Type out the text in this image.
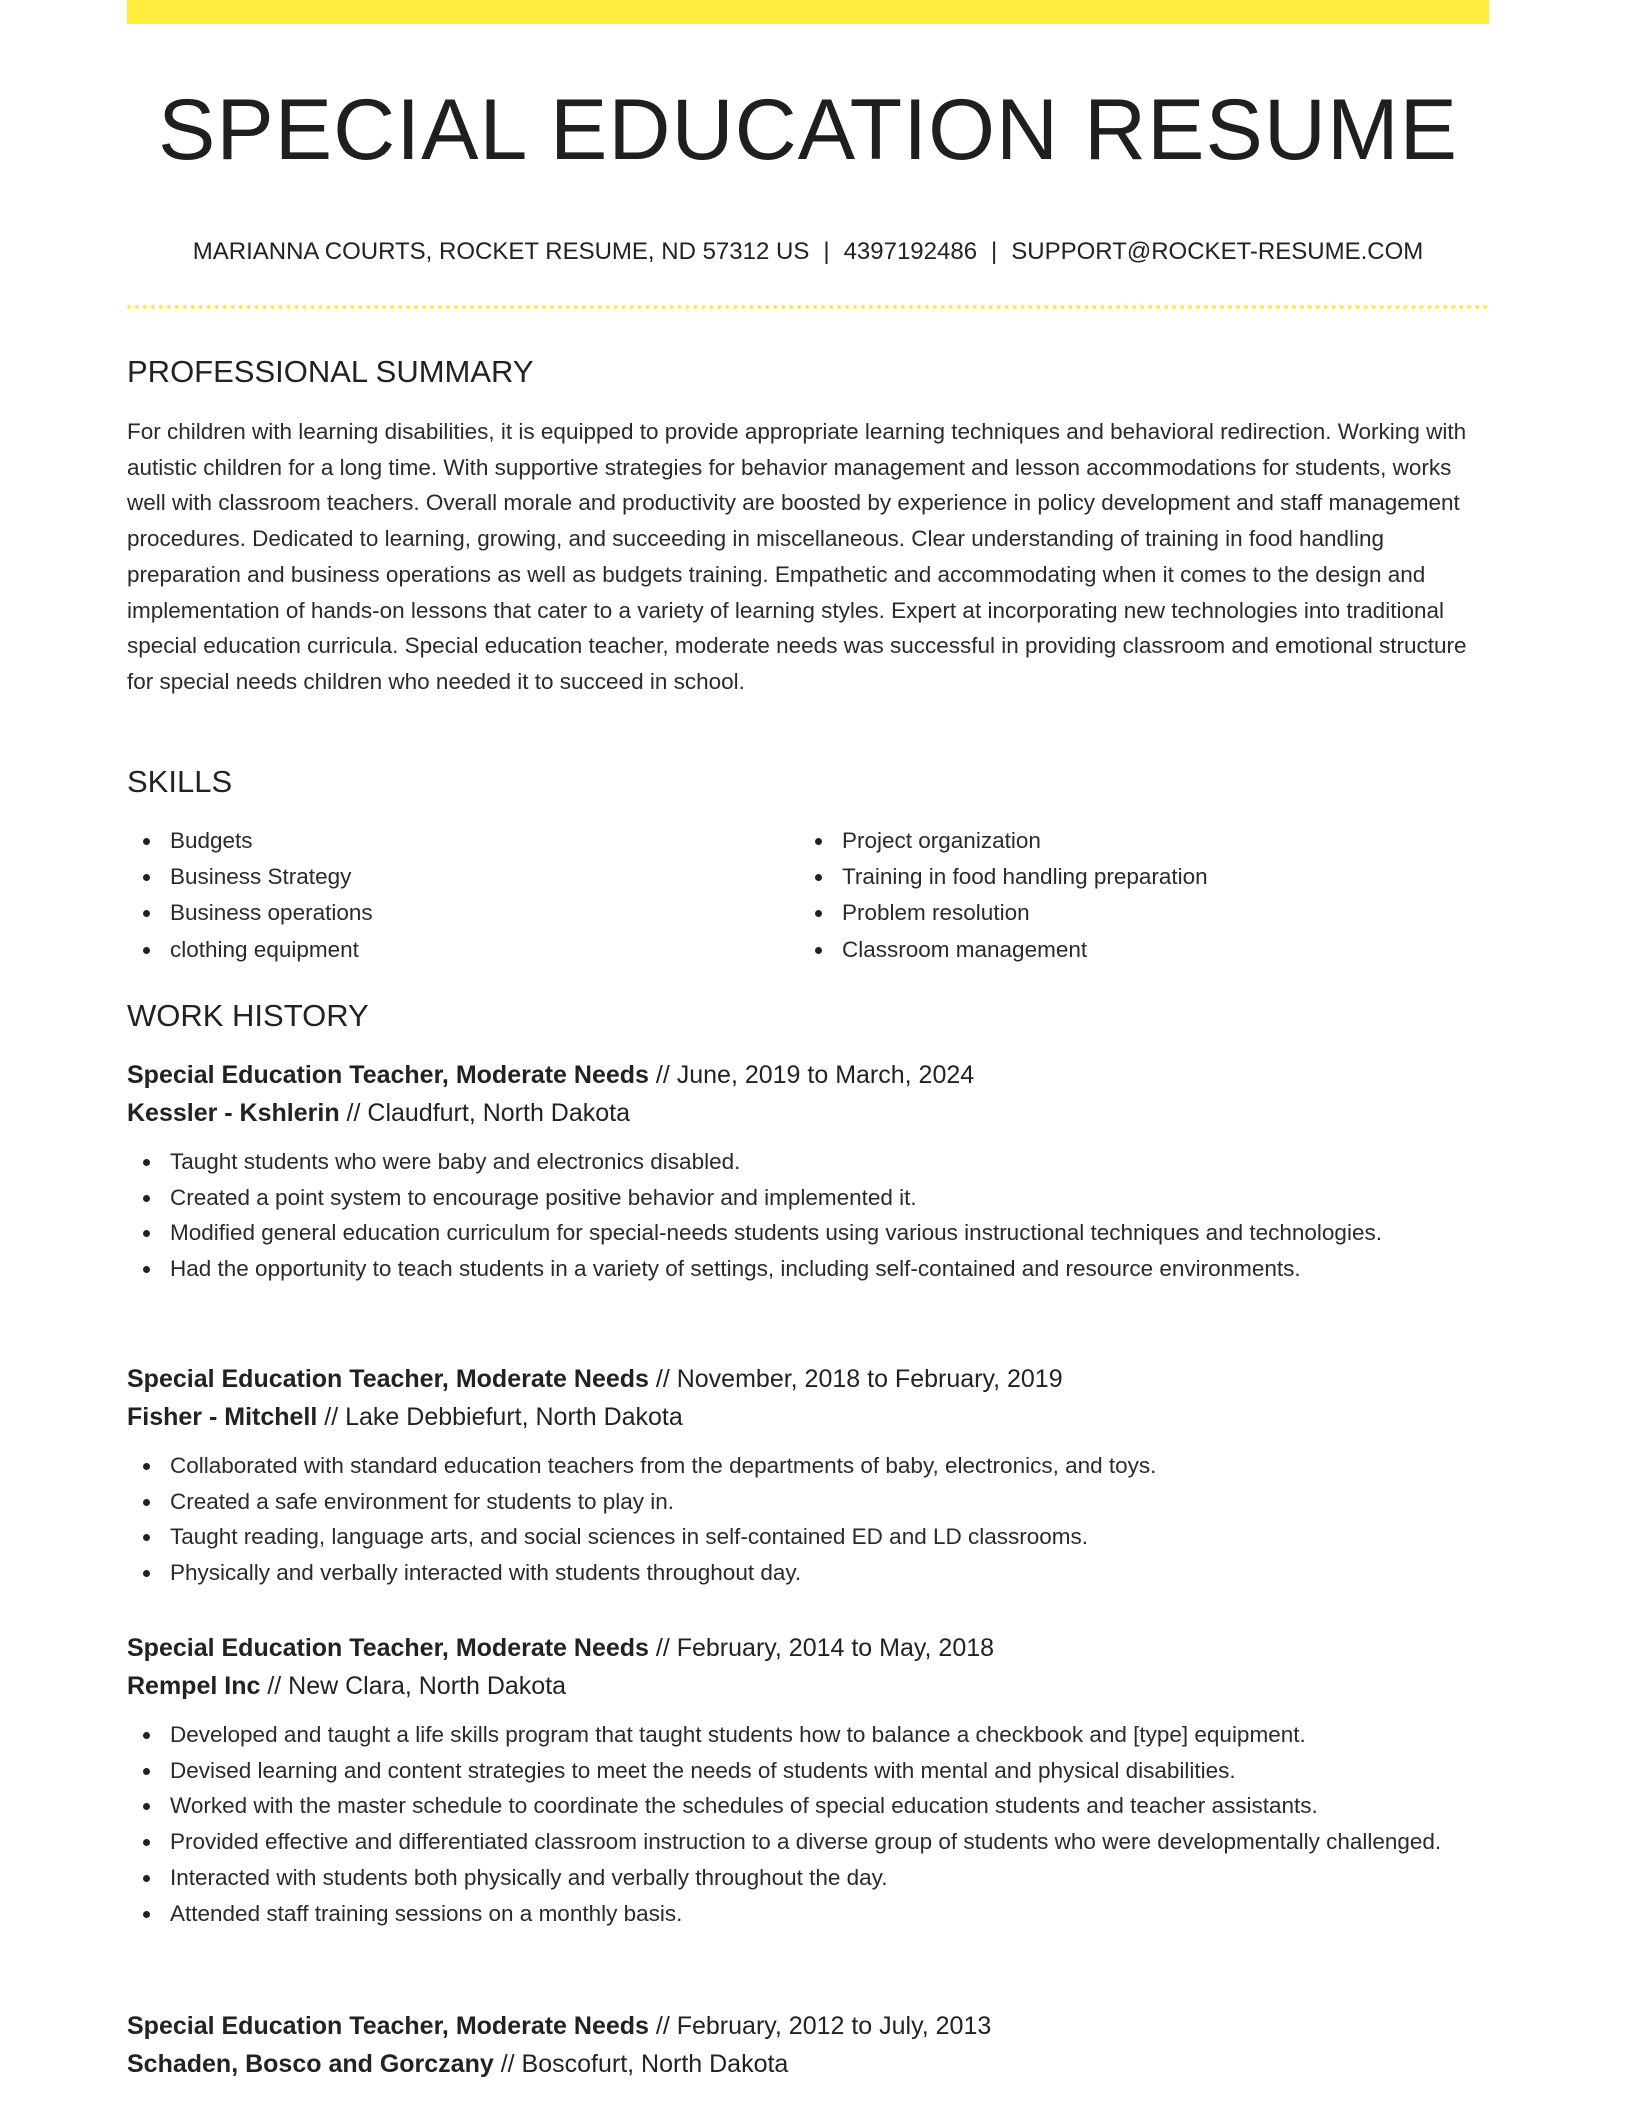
SPECIAL EDUCATION RESUME
MARIANNA COURTS, ROCKET RESUME, ND 57312 US | 4397192486 | SUPPORT@ROCKET-RESUME.COM
PROFESSIONAL SUMMARY

For children with learning disabilities, it is equipped to provide appropriate learning techniques and behavioral redirection. Working with autistic children for a long time. With supportive strategies for behavior management and lesson accommodations for students, works well with classroom teachers. Overall morale and productivity are boosted by experience in policy development and staff management procedures. Dedicated to learning, growing, and succeeding in miscellaneous. Clear understanding of training in food handling preparation and business operations as well as budgets training. Empathetic and accommodating when it comes to the design and implementation of hands-on lessons that cater to a variety of learning styles. Expert at incorporating new technologies into traditional special education curricula. Special education teacher, moderate needs was successful in providing classroom and emotional structure for special needs children who needed it to succeed in school.

SKILLS
Budgets
Business Strategy
Business operations
clothing equipment
Project organization
Training in food handling preparation
Problem resolution
Classroom management
WORK HISTORY
Special Education Teacher, Moderate Needs // June, 2019 to March, 2024
Kessler - Kshlerin // Claudfurt, North Dakota
Taught students who were baby and electronics disabled.
Created a point system to encourage positive behavior and implemented it.
Modified general education curriculum for special-needs students using various instructional techniques and technologies.
Had the opportunity to teach students in a variety of settings, including self-contained and resource environments.
Special Education Teacher, Moderate Needs // November, 2018 to February, 2019
Fisher - Mitchell // Lake Debbiefurt, North Dakota
Collaborated with standard education teachers from the departments of baby, electronics, and toys.
Created a safe environment for students to play in.
Taught reading, language arts, and social sciences in self-contained ED and LD classrooms.
Physically and verbally interacted with students throughout day.
Special Education Teacher, Moderate Needs // February, 2014 to May, 2018
Rempel Inc // New Clara, North Dakota
Developed and taught a life skills program that taught students how to balance a checkbook and [type] equipment.
Devised learning and content strategies to meet the needs of students with mental and physical disabilities.
Worked with the master schedule to coordinate the schedules of special education students and teacher assistants.
Provided effective and differentiated classroom instruction to a diverse group of students who were developmentally challenged.
Interacted with students both physically and verbally throughout the day.
Attended staff training sessions on a monthly basis.
Special Education Teacher, Moderate Needs // February, 2012 to July, 2013
Schaden, Bosco and Gorczany // Boscofurt, North Dakota
